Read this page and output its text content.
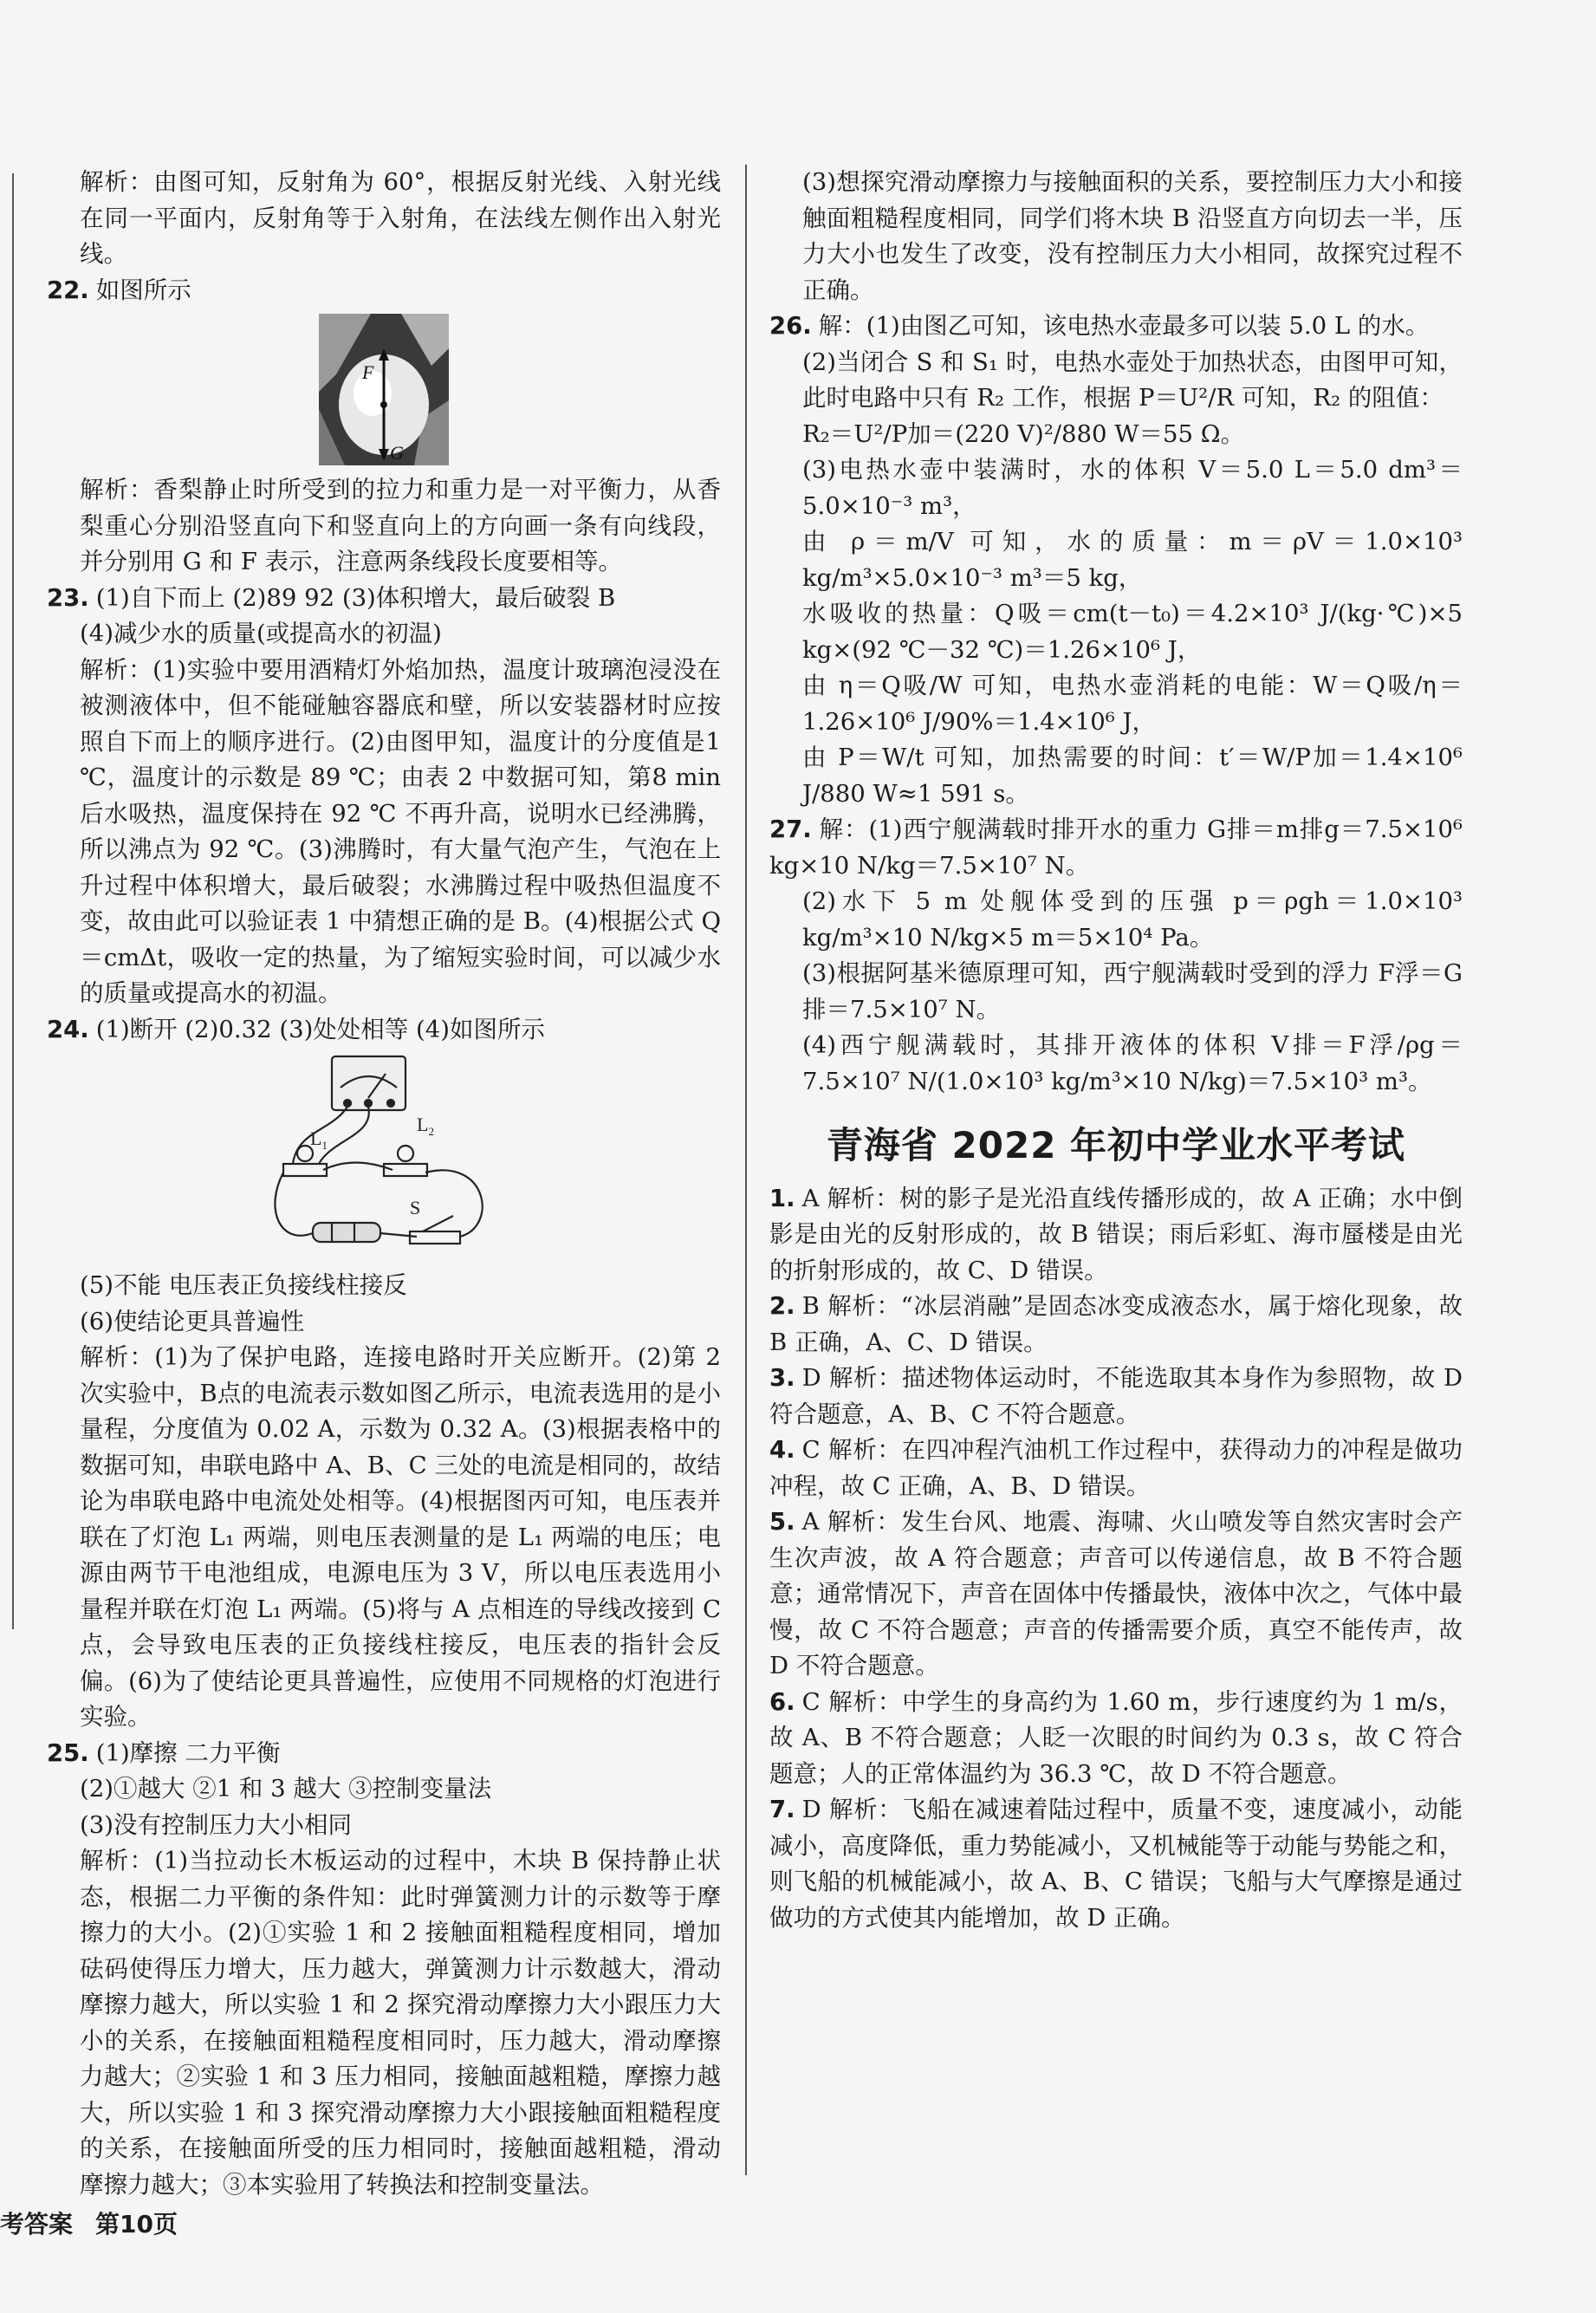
解析：由图可知，反射角为 60°，根据反射光线、入射光线在同一平面内，反射角等于入射角，在法线左侧作出入射光线。

22. 如图所示

F
G

解析：香梨静止时所受到的拉力和重力是一对平衡力，从香梨重心分别沿竖直向下和竖直向上的方向画一条有向线段，并分别用 G 和 F 表示，注意两条线段长度要相等。

23. (1)自下而上 (2)89 92 (3)体积增大，最后破裂 B

(4)减少水的质量(或提高水的初温)

解析：(1)实验中要用酒精灯外焰加热，温度计玻璃泡浸没在被测液体中，但不能碰触容器底和壁，所以安装器材时应按照自下而上的顺序进行。(2)由图甲知，温度计的分度值是1 ℃，温度计的示数是 89 ℃；由表 2 中数据可知，第8 min后水吸热，温度保持在 92 ℃ 不再升高，说明水已经沸腾，所以沸点为 92 ℃。(3)沸腾时，有大量气泡产生，气泡在上升过程中体积增大，最后破裂；水沸腾过程中吸热但温度不变，故由此可以验证表 1 中猜想正确的是 B。(4)根据公式 Q＝cmΔt，吸收一定的热量，为了缩短实验时间，可以减少水的质量或提高水的初温。

24. (1)断开 (2)0.32 (3)处处相等 (4)如图所示

$L_1$
$L_2$
S

(5)不能 电压表正负接线柱接反

(6)使结论更具普遍性

解析：(1)为了保护电路，连接电路时开关应断开。(2)第 2 次实验中，B点的电流表示数如图乙所示，电流表选用的是小量程，分度值为 0.02 A，示数为 0.32 A。(3)根据表格中的数据可知，串联电路中 A、B、C 三处的电流是相同的，故结论为串联电路中电流处处相等。(4)根据图丙可知，电压表并联在了灯泡 L₁ 两端，则电压表测量的是 L₁ 两端的电压；电源由两节干电池组成，电源电压为 3 V，所以电压表选用小量程并联在灯泡 L₁ 两端。(5)将与 A 点相连的导线改接到 C 点，会导致电压表的正负接线柱接反，电压表的指针会反偏。(6)为了使结论更具普遍性，应使用不同规格的灯泡进行实验。

25. (1)摩擦 二力平衡

(2)①越大 ②1 和 3 越大 ③控制变量法

(3)没有控制压力大小相同

解析：(1)当拉动长木板运动的过程中，木块 B 保持静止状态，根据二力平衡的条件知：此时弹簧测力计的示数等于摩擦力的大小。(2)①实验 1 和 2 接触面粗糙程度相同，增加砝码使得压力增大，压力越大，弹簧测力计示数越大，滑动摩擦力越大，所以实验 1 和 2 探究滑动摩擦力大小跟压力大小的关系，在接触面粗糙程度相同时，压力越大，滑动摩擦力越大；②实验 1 和 3 压力相同，接触面越粗糙，摩擦力越大，所以实验 1 和 3 探究滑动摩擦力大小跟接触面粗糙程度的关系，在接触面所受的压力相同时，接触面越粗糙，滑动摩擦力越大；③本实验用了转换法和控制变量法。

(3)想探究滑动摩擦力与接触面积的关系，要控制压力大小和接触面粗糙程度相同，同学们将木块 B 沿竖直方向切去一半，压力大小也发生了改变，没有控制压力大小相同，故探究过程不正确。

26. 解：(1)由图乙可知，该电热水壶最多可以装 5.0 L 的水。

(2)当闭合 S 和 S₁ 时，电热水壶处于加热状态，由图甲可知，此时电路中只有 R₂ 工作，根据 P＝U²/R 可知，R₂ 的阻值：

R₂＝U²/P加＝(220 V)²/880 W＝55 Ω。

(3)电热水壶中装满时，水的体积 V＝5.0 L＝5.0 dm³＝5.0×10⁻³ m³，

由 ρ＝m/V 可知，水的质量：m＝ρV＝1.0×10³ kg/m³×5.0×10⁻³ m³＝5 kg，

水吸收的热量：Q吸＝cm(t－t₀)＝4.2×10³ J/(kg·℃)×5 kg×(92 ℃－32 ℃)＝1.26×10⁶ J，

由 η＝Q吸/W 可知，电热水壶消耗的电能：W＝Q吸/η＝1.26×10⁶ J/90%＝1.4×10⁶ J，

由 P＝W/t 可知，加热需要的时间：t′＝W/P加＝1.4×10⁶ J/880 W≈1 591 s。

27. 解：(1)西宁舰满载时排开水的重力 G排＝m排g＝7.5×10⁶ kg×10 N/kg＝7.5×10⁷ N。

(2)水下 5 m 处舰体受到的压强 p＝ρgh＝1.0×10³ kg/m³×10 N/kg×5 m＝5×10⁴ Pa。

(3)根据阿基米德原理可知，西宁舰满载时受到的浮力 F浮＝G排＝7.5×10⁷ N。

(4)西宁舰满载时，其排开液体的体积 V排＝F浮/ρg＝7.5×10⁷ N/(1.0×10³ kg/m³×10 N/kg)＝7.5×10³ m³。

青海省 2022 年初中学业水平考试

1. A 解析：树的影子是光沿直线传播形成的，故 A 正确；水中倒影是由光的反射形成的，故 B 错误；雨后彩虹、海市蜃楼是由光的折射形成的，故 C、D 错误。

2. B 解析：“冰层消融”是固态冰变成液态水，属于熔化现象，故 B 正确，A、C、D 错误。

3. D 解析：描述物体运动时，不能选取其本身作为参照物，故 D 符合题意，A、B、C 不符合题意。

4. C 解析：在四冲程汽油机工作过程中，获得动力的冲程是做功冲程，故 C 正确，A、B、D 错误。

5. A 解析：发生台风、地震、海啸、火山喷发等自然灾害时会产生次声波，故 A 符合题意；声音可以传递信息，故 B 不符合题意；通常情况下，声音在固体中传播最快，液体中次之，气体中最慢，故 C 不符合题意；声音的传播需要介质，真空不能传声，故 D 不符合题意。

6. C 解析：中学生的身高约为 1.60 m，步行速度约为 1 m/s，故 A、B 不符合题意；人眨一次眼的时间约为 0.3 s，故 C 符合题意；人的正常体温约为 36.3 ℃，故 D 不符合题意。

7. D 解析：飞船在减速着陆过程中，质量不变，速度减小，动能减小，高度降低，重力势能减小，又机械能等于动能与势能之和，则飞船的机械能减小，故 A、B、C 错误；飞船与大气摩擦是通过做功的方式使其内能增加，故 D 正确。

考答案 第10页
